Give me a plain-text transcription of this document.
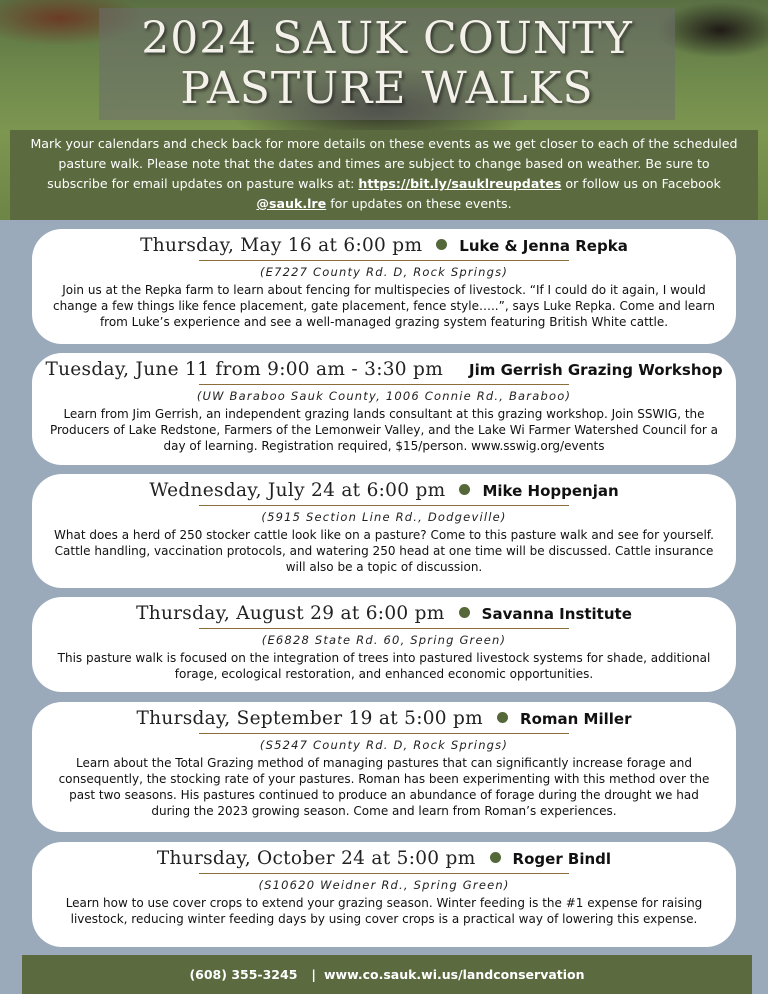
2024 SAUK COUNTY
PASTURE WALKS
Mark your calendars and check back for more details on these events as we get closer to each of the scheduled pasture walk. Please note that the dates and times are subject to change based on weather. Be sure to subscribe for email updates on pasture walks at: https://bit.ly/sauklreupdates or follow us on Facebook @sauk.lre for updates on these events.
Thursday, May 16 at 6:00 pm Luke & Jenna Repka
(E7227 County Rd. D, Rock Springs)
Join us at the Repka farm to learn about fencing for multispecies of livestock. “If I could do it again, I would change a few things like fence placement, gate placement, fence style…..”, says Luke Repka. Come and learn from Luke’s experience and see a well-managed grazing system featuring British White cattle.
Tuesday, June 11 from 9:00 am - 3:30 pm Jim Gerrish Grazing Workshop
(UW Baraboo Sauk County, 1006 Connie Rd., Baraboo)
Learn from Jim Gerrish, an independent grazing lands consultant at this grazing workshop. Join SSWIG, the Producers of Lake Redstone, Farmers of the Lemonweir Valley, and the Lake Wi Farmer Watershed Council for a day of learning. Registration required, $15/person. www.sswig.org/events
Wednesday, July 24 at 6:00 pm Mike Hoppenjan
(5915 Section Line Rd., Dodgeville)
What does a herd of 250 stocker cattle look like on a pasture? Come to this pasture walk and see for yourself. Cattle handling, vaccination protocols, and watering 250 head at one time will be discussed. Cattle insurance will also be a topic of discussion.
Thursday, August 29 at 6:00 pm Savanna Institute
(E6828 State Rd. 60, Spring Green)
This pasture walk is focused on the integration of trees into pastured livestock systems for shade, additional forage, ecological restoration, and enhanced economic opportunities.
Thursday, September 19 at 5:00 pm Roman Miller
(S5247 County Rd. D, Rock Springs)
Learn about the Total Grazing method of managing pastures that can significantly increase forage and consequently, the stocking rate of your pastures. Roman has been experimenting with this method over the past two seasons. His pastures continued to produce an abundance of forage during the drought we had during the 2023 growing season. Come and learn from Roman’s experiences.
Thursday, October 24 at 5:00 pm Roger Bindl
(S10620 Weidner Rd., Spring Green)
Learn how to use cover crops to extend your grazing season. Winter feeding is the #1 expense for raising livestock, reducing winter feeding days by using cover crops is a practical way of lowering this expense.
(608) 355-3245 | www.co.sauk.wi.us/landconservation
